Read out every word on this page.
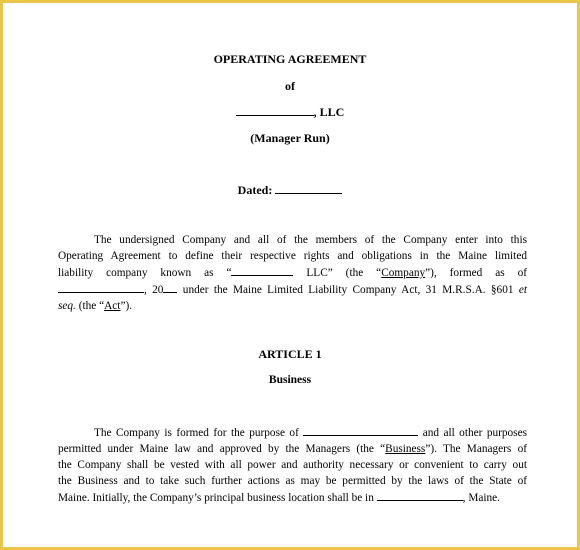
OPERATING AGREEMENT
of
, LLC
(Manager Run)
Dated:
The undersigned Company and all of the members of the Company enter into this
Operating Agreement to define their respective rights and obligations in the Maine limited
liability company known as “	LLC” (the “Company”), formed as of
, 20 under the Maine Limited Liability Company Act, 31 M.R.S.A. §601 et
seq. (the “Act”).
ARTICLE 1
Business
The Company is formed for the purpose of	and all other purposes
permitted under Maine law and approved by the Managers (the “Business”). The Managers of
the Company shall be vested with all power and authority necessary or convenient to carry out
the Business and to take such further actions as may be permitted by the laws of the State of
Maine. Initially, the Company’s principal business location shall be in	, Maine.
